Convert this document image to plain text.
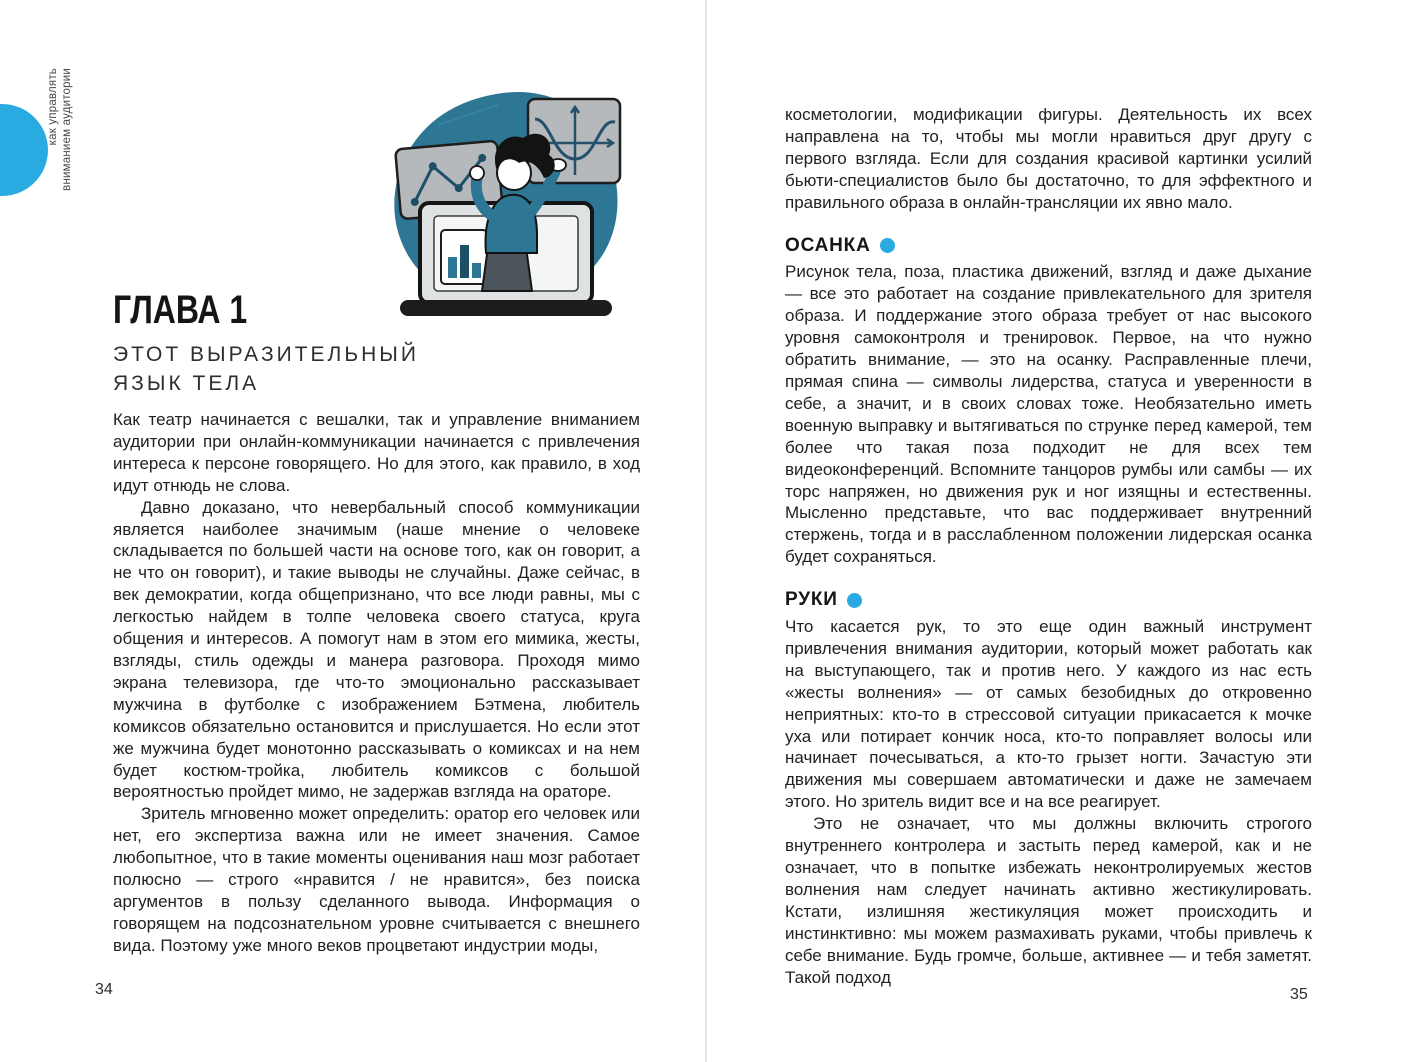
как управлять вниманием аудитории
ГЛАВА 1
ЭТОТ ВЫРАЗИТЕЛЬНЫЙ
ЯЗЫК ТЕЛА

Как театр начинается с вешалки, так и управление вниманием аудитории при онлайн-коммуникации начинается с привлечения интереса к персоне говорящего. Но для этого, как правило, в ход идут отнюдь не слова.

Давно доказано, что невербальный способ коммуникации является наиболее значимым (наше мнение о человеке складывается по большей части на основе того, как он говорит, а не что он говорит), и такие выводы не случайны. Даже сейчас, в век демократии, когда общепризнано, что все люди равны, мы с легкостью найдем в толпе человека своего статуса, круга общения и интересов. А помогут нам в этом его мимика, жесты, взгляды, стиль одежды и манера разговора. Проходя мимо экрана телевизора, где что-то эмоционально рассказывает мужчина в футболке с изображением Бэтмена, любитель комиксов обязательно остановится и прислушается. Но если этот же мужчина будет монотонно рассказывать о комиксах и на нем будет костюм-тройка, любитель комиксов с большой вероятностью пройдет мимо, не задержав взгляда на ораторе.

Зритель мгновенно может определить: оратор его человек или нет, его экспертиза важна или не имеет значения. Самое любопытное, что в такие моменты оценивания наш мозг работает полюсно — строго «нравится / не нравится», без поиска аргументов в пользу сделанного вывода. Информация о говорящем на подсознательном уровне считывается с внешнего вида. Поэтому уже много веков процветают индустрии моды,

косметологии, модификации фигуры. Деятельность их всех направлена на то, чтобы мы могли нравиться друг другу с первого взгляда. Если для создания красивой картинки усилий бьюти-специалистов было бы достаточно, то для эффектного и правильного образа в онлайн-трансляции их явно мало.

ОСАНКА

Рисунок тела, поза, пластика движений, взгляд и даже дыхание — все это работает на создание привлекательного для зрителя образа. И поддержание этого образа требует от нас высокого уровня самоконтроля и тренировок. Первое, на что нужно обратить внимание, — это на осанку. Расправленные плечи, прямая спина — символы лидерства, статуса и уверенности в себе, а значит, и в своих словах тоже. Необязательно иметь военную выправку и вытягиваться по струнке перед камерой, тем более что такая поза подходит не для всех тем видеоконференций. Вспомните танцоров румбы или самбы — их торс напряжен, но движения рук и ног изящны и естественны. Мысленно представьте, что вас поддерживает внутренний стержень, тогда и в расслабленном положении лидерская осанка будет сохраняться.

РУКИ

Что касается рук, то это еще один важный инструмент привлечения внимания аудитории, который может работать как на выступающего, так и против него. У каждого из нас есть «жесты волнения» — от самых безобидных до откровенно неприятных: кто-то в стрессовой ситуации прикасается к мочке уха или потирает кончик носа, кто-то поправляет волосы или начинает почесываться, а кто-то грызет ногти. Зачастую эти движения мы совершаем автоматически и даже не замечаем этого. Но зритель видит все и на все реагирует.

Это не означает, что мы должны включить строгого внутреннего контролера и застыть перед камерой, как и не означает, что в попытке избежать неконтролируемых жестов волнения нам следует начинать активно жестикулировать. Кстати, излишняя жестикуляция может происходить и инстинктивно: мы можем размахивать руками, чтобы привлечь к себе внимание. Будь громче, больше, активнее — и тебя заметят. Такой подход

34	35
